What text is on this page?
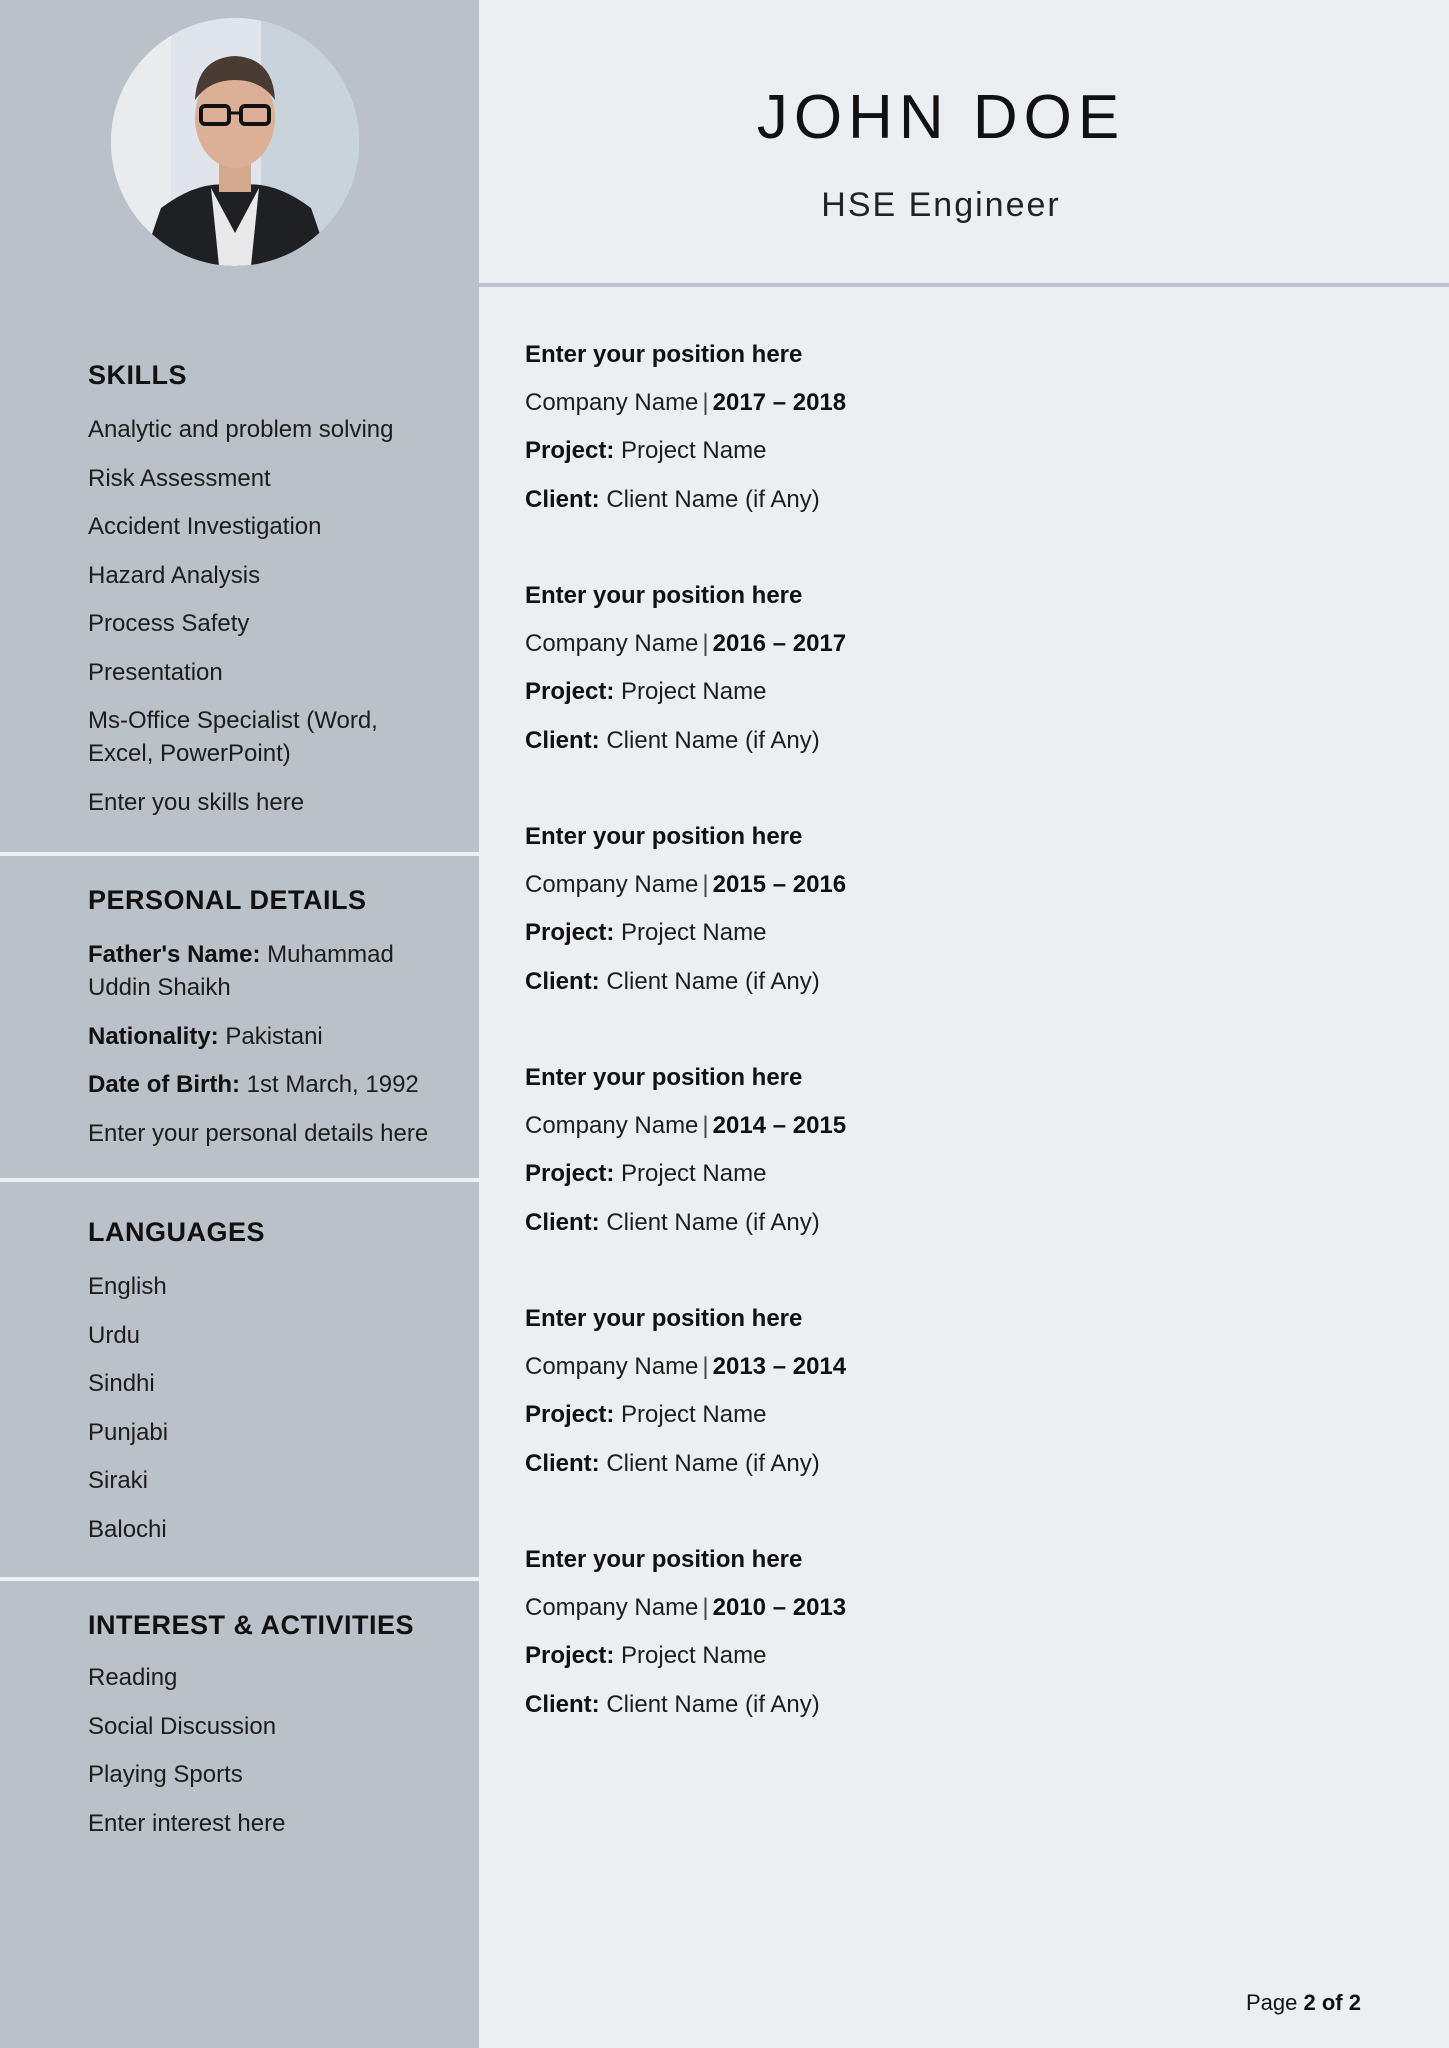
SKILLS
Analytic and problem solving
Risk Assessment
Accident Investigation
Hazard Analysis
Process Safety
Presentation
Ms-Office Specialist (Word, Excel, PowerPoint)
Enter you skills here
PERSONAL DETAILS
Father's Name: Muhammad Uddin Shaikh
Nationality: Pakistani
Date of Birth: 1st March, 1992
Enter your personal details here
LANGUAGES
English
Urdu
Sindhi
Punjabi
Siraki
Balochi
INTEREST & ACTIVITIES
Reading
Social Discussion
Playing Sports
Enter interest here
JOHN DOE
HSE Engineer
Enter your position here
Company Name | 2017 – 2018
Project: Project Name
Client: Client Name (if Any)
Enter your position here
Company Name | 2016 – 2017
Project: Project Name
Client: Client Name (if Any)
Enter your position here
Company Name | 2015 – 2016
Project: Project Name
Client: Client Name (if Any)
Enter your position here
Company Name | 2014 – 2015
Project: Project Name
Client: Client Name (if Any)
Enter your position here
Company Name | 2013 – 2014
Project: Project Name
Client: Client Name (if Any)
Enter your position here
Company Name | 2010 – 2013
Project: Project Name
Client: Client Name (if Any)
Page 2 of 2
